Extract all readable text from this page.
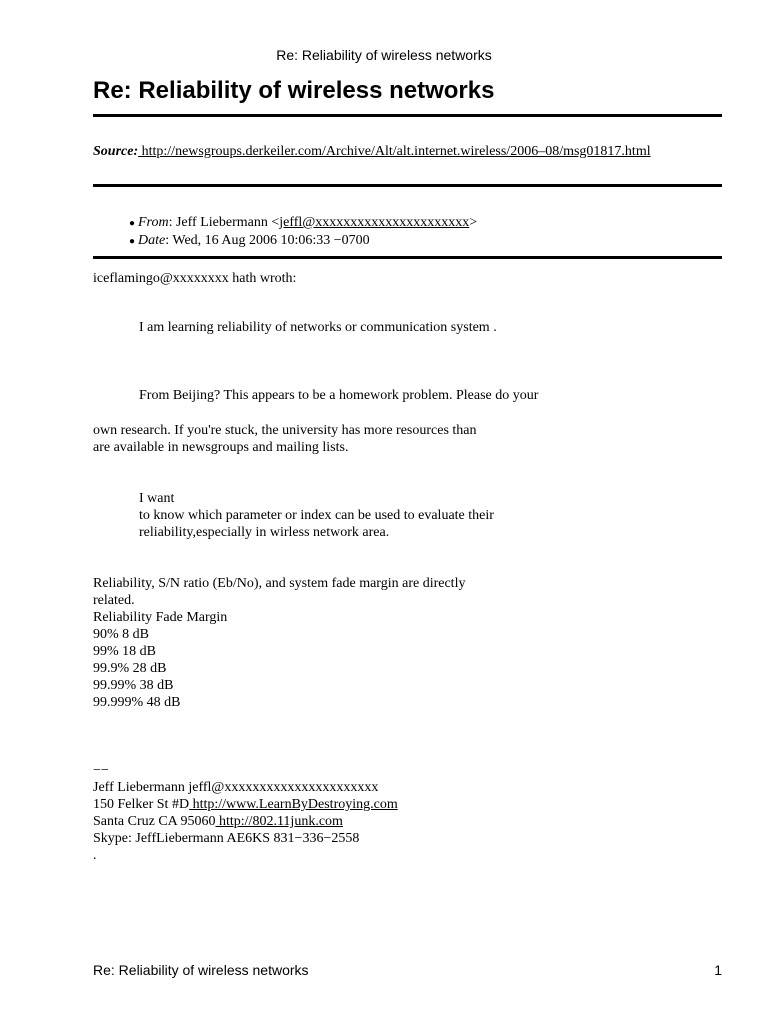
Re: Reliability of wireless networks
Re: Reliability of wireless networks
Source: http://newsgroups.derkeiler.com/Archive/Alt/alt.internet.wireless/2006–08/msg01817.html
● From: Jeff Liebermann <jeffl@xxxxxxxxxxxxxxxxxxxxxx>
● Date: Wed, 16 Aug 2006 10:06:33 −0700
iceflamingo@xxxxxxxx hath wroth:
I am learning reliability of networks or communication system .
From Beijing? This appears to be a homework problem. Please do your
own research. If you're stuck, the university has more resources than
are available in newsgroups and mailing lists.
I want
to know which parameter or index can be used to evaluate their
reliability,especially in wirless network area.
Reliability, S/N ratio (Eb/No), and system fade margin are directly
related.
Reliability Fade Margin
90% 8 dB
99% 18 dB
99.9% 28 dB
99.99% 38 dB
99.999% 48 dB
−−
Jeff Liebermann jeffl@xxxxxxxxxxxxxxxxxxxxxx
150 Felker St #D http://www.LearnByDestroying.com
Santa Cruz CA 95060 http://802.11junk.com
Skype: JeffLiebermann AE6KS 831−336−2558
.
Re: Reliability of wireless networks	1
